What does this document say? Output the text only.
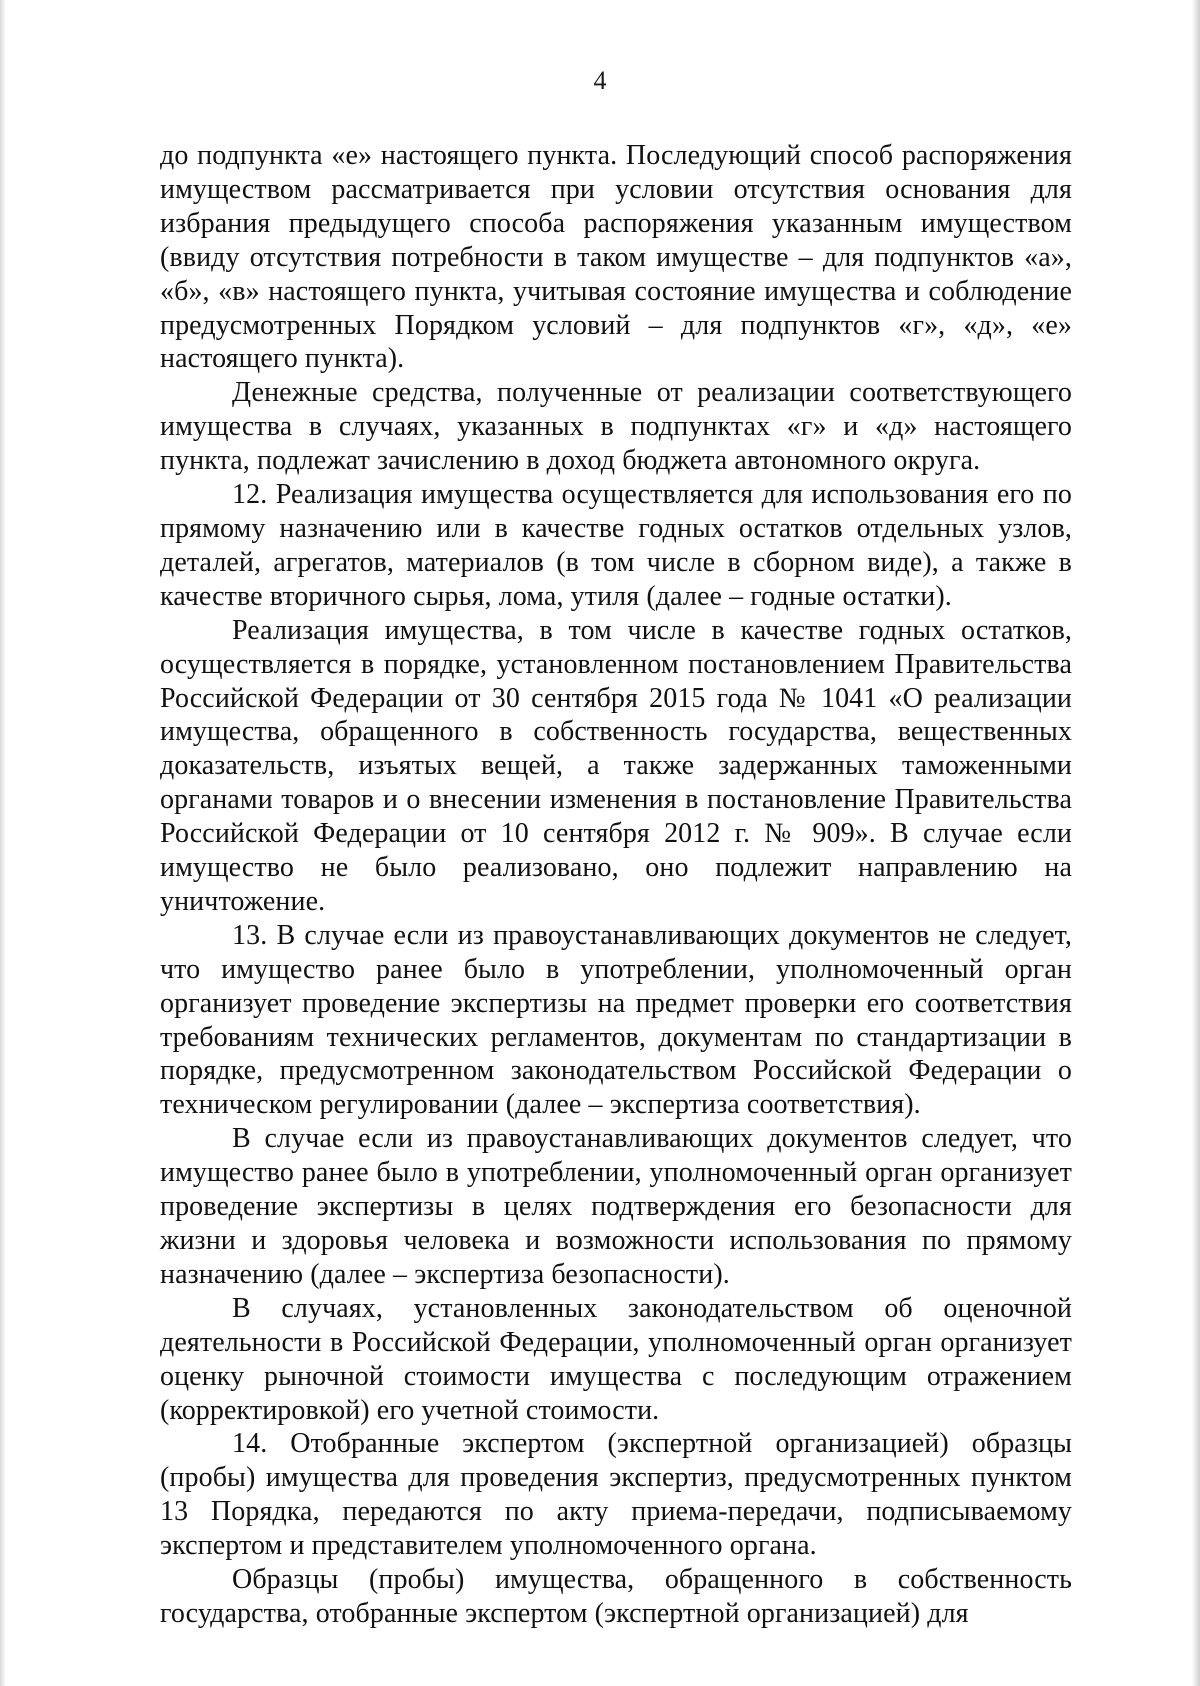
4

до подпункта «е» настоящего пункта. Последующий способ распоряжения имуществом рассматривается при условии отсутствия основания для избрания предыдущего способа распоряжения указанным имуществом (ввиду отсутствия потребности в таком имуществе – для подпунктов «а», «б», «в» настоящего пункта, учитывая состояние имущества и соблюдение предусмотренных Порядком условий – для подпунктов «г», «д», «е» настоящего пункта).

Денежные средства, полученные от реализации соответствующего имущества в случаях, указанных в подпунктах «г» и «д» настоящего пункта, подлежат зачислению в доход бюджета автономного округа.

12. Реализация имущества осуществляется для использования его по прямому назначению или в качестве годных остатков отдельных узлов, деталей, агрегатов, материалов (в том числе в сборном виде), а также в качестве вторичного сырья, лома, утиля (далее – годные остатки).

Реализация имущества, в том числе в качестве годных остатков, осуществляется в порядке, установленном постановлением Правительства Российской Федерации от 30 сентября 2015 года № 1041 «О реализации имущества, обращенного в собственность государства, вещественных доказательств, изъятых вещей, а также задержанных таможенными органами товаров и о внесении изменения в постановление Правительства Российской Федерации от 10 сентября 2012 г. № 909». В случае если имущество не было реализовано, оно подлежит направлению на уничтожение.

13. В случае если из правоустанавливающих документов не следует, что имущество ранее было в употреблении, уполномоченный орган организует проведение экспертизы на предмет проверки его соответствия требованиям технических регламентов, документам по стандартизации в порядке, предусмотренном законодательством Российской Федерации о техническом регулировании (далее – экспертиза соответствия).

В случае если из правоустанавливающих документов следует, что имущество ранее было в употреблении, уполномоченный орган организует проведение экспертизы в целях подтверждения его безопасности для жизни и здоровья человека и возможности использования по прямому назначению (далее – экспертиза безопасности).

В случаях, установленных законодательством об оценочной деятельности в Российской Федерации, уполномоченный орган организует оценку рыночной стоимости имущества с последующим отражением (корректировкой) его учетной стоимости.

14. Отобранные экспертом (экспертной организацией) образцы (пробы) имущества для проведения экспертиз, предусмотренных пунктом 13 Порядка, передаются по акту приема-передачи, подписываемому экспертом и представителем уполномоченного органа.

Образцы (пробы) имущества, обращенного в собственность государства, отобранные экспертом (экспертной организацией) для
